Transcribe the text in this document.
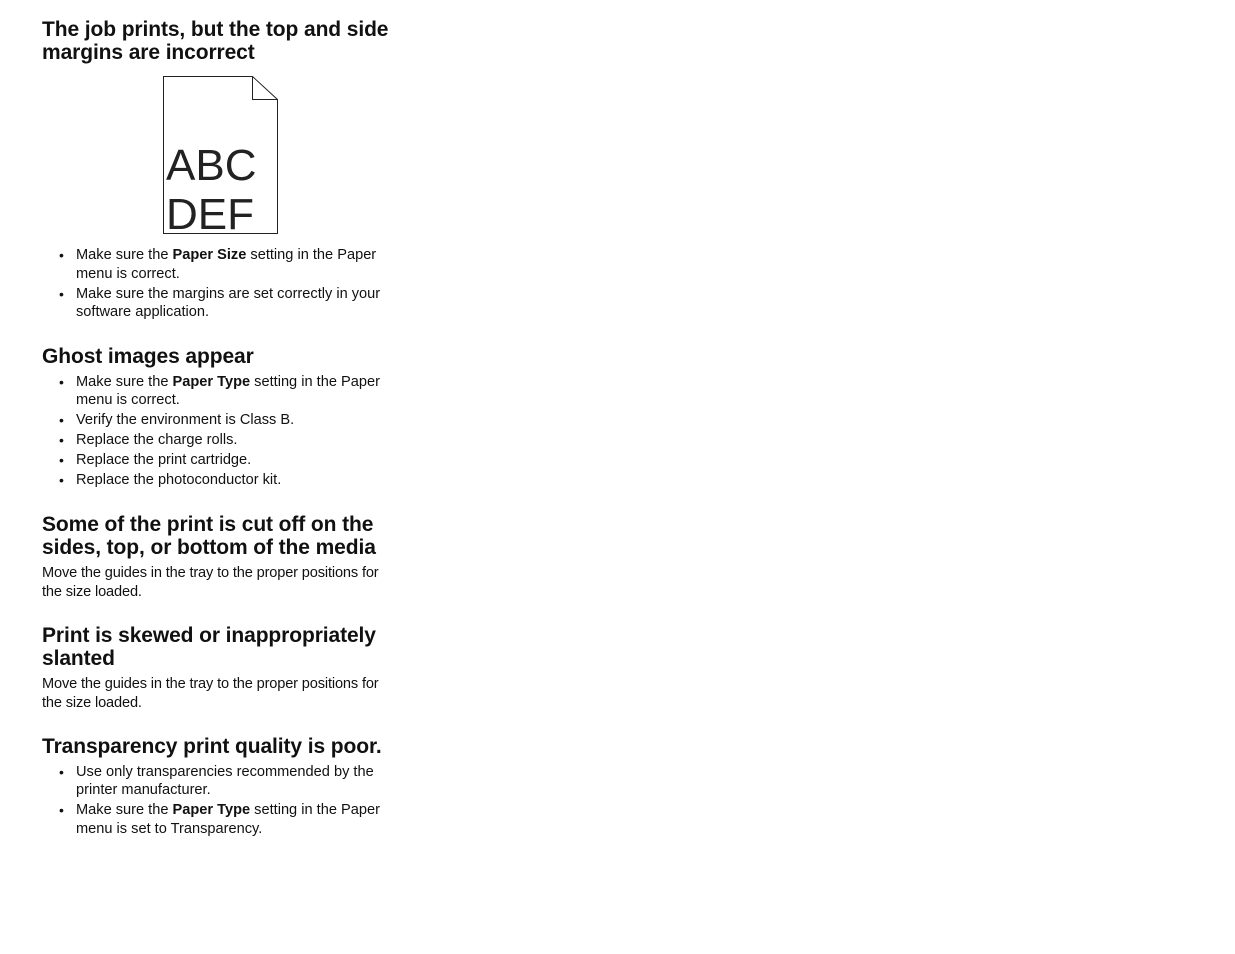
The job prints, but the top and side margins are incorrect
ABC
DEF
• Make sure the Paper Size setting in the Paper menu is correct.
• Make sure the margins are set correctly in your software application.
Ghost images appear
• Make sure the Paper Type setting in the Paper menu is correct.
• Verify the environment is Class B.
• Replace the charge rolls.
• Replace the print cartridge.
• Replace the photoconductor kit.
Some of the print is cut off on the sides, top, or bottom of the media

Move the guides in the tray to the proper positions for the size loaded.

Print is skewed or inappropriately slanted

Move the guides in the tray to the proper positions for the size loaded.

Transparency print quality is poor.
• Use only transparencies recommended by the printer manufacturer.
• Make sure the Paper Type setting in the Paper menu is set to Transparency.
